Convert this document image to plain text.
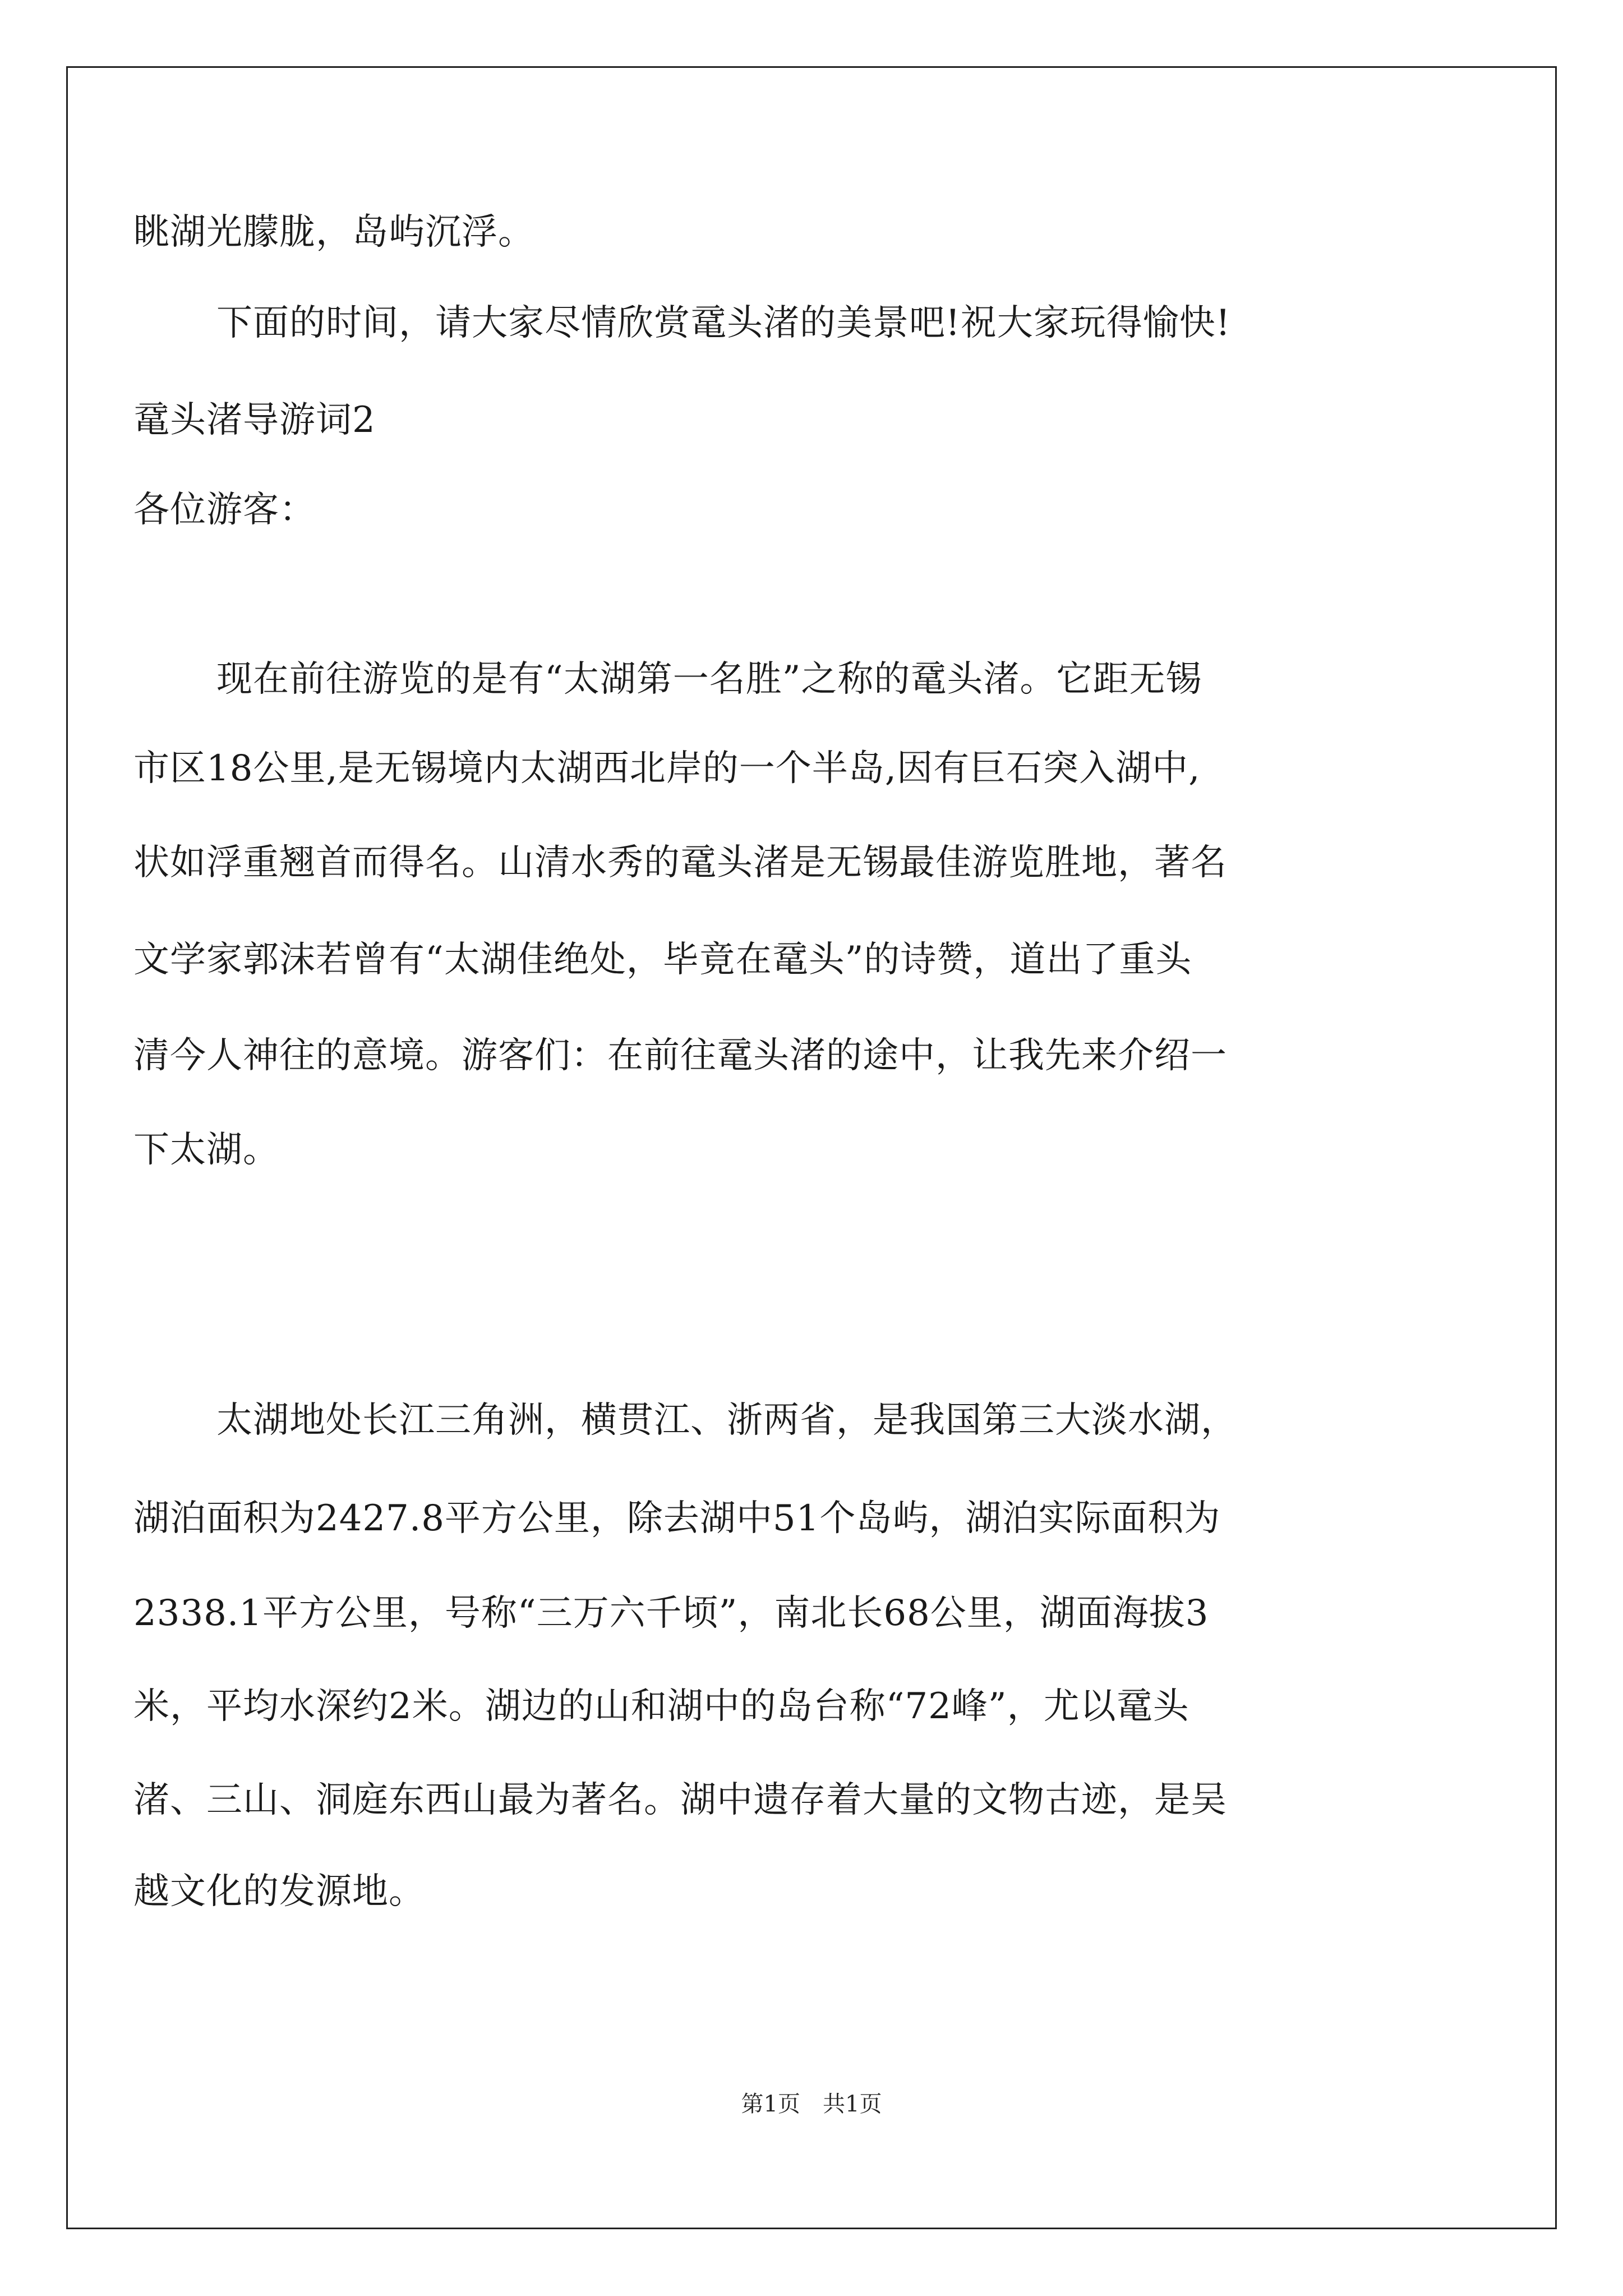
眺湖光朦胧，岛屿沉浮。
下面的时间，请大家尽情欣赏鼋头渚的美景吧!祝大家玩得愉快!
鼋头渚导游词2
各位游客：
现在前往游览的是有“太湖第一名胜”之称的鼋头渚。它距无锡
市区18公里,是无锡境内太湖西北岸的一个半岛,因有巨石突入湖中,
状如浮重翘首而得名。山清水秀的鼋头渚是无锡最佳游览胜地，著名
文学家郭沫若曾有“太湖佳绝处，毕竟在鼋头”的诗赞，道出了重头
清今人神往的意境。游客们：在前往鼋头渚的途中，让我先来介绍一
下太湖。
太湖地处长江三角洲，横贯江、浙两省，是我国第三大淡水湖，
湖泊面积为2427.8平方公里，除去湖中51个岛屿，湖泊实际面积为
2338.1平方公里，号称“三万六千顷”，南北长68公里，湖面海拔3
米，平均水深约2米。湖边的山和湖中的岛台称“72峰”，尤以鼋头
渚、三山、洞庭东西山最为著名。湖中遗存着大量的文物古迹，是吴
越文化的发源地。
第1页　共1页
